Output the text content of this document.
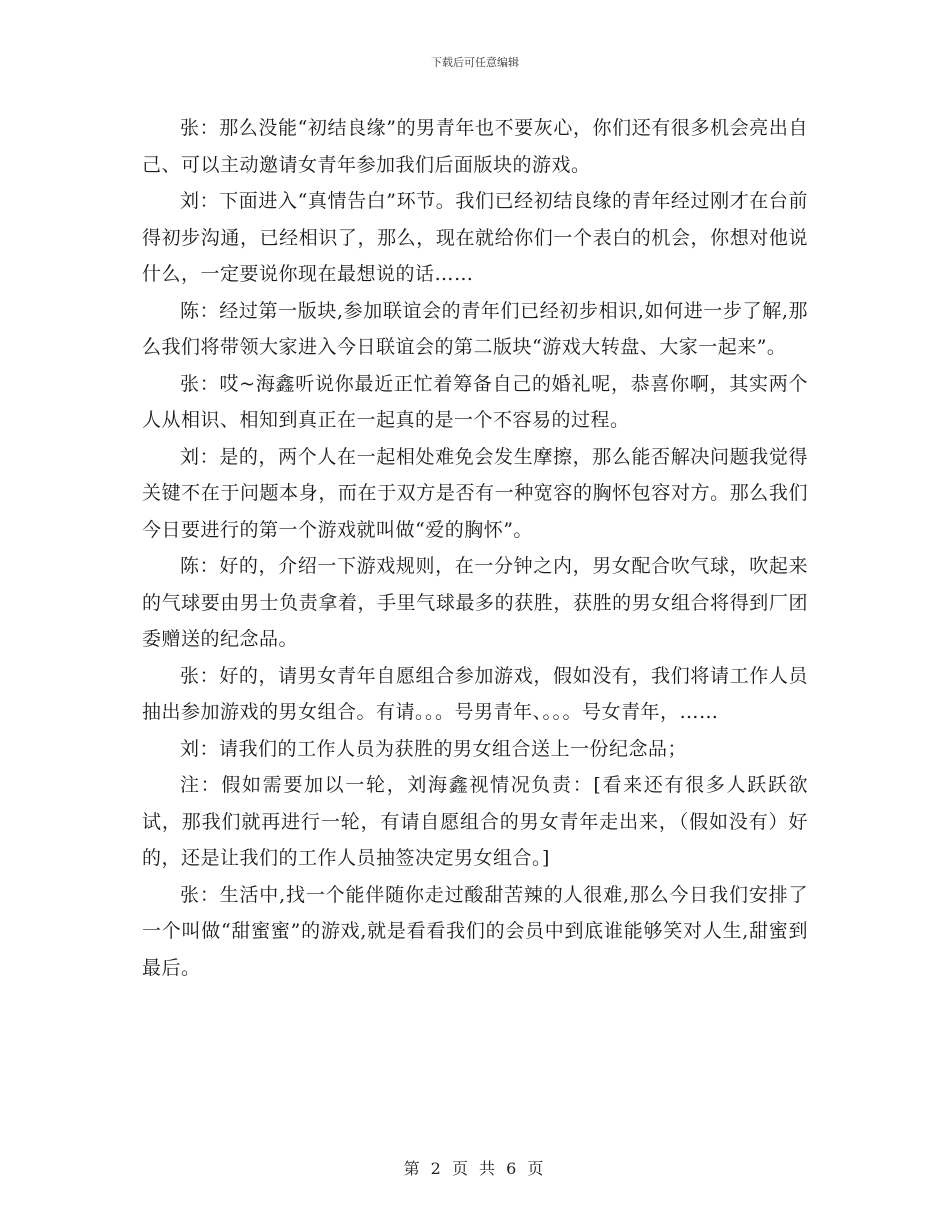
下载后可任意编辑

张：那么没能“初结良缘”的男青年也不要灰心，你们还有很多机会亮出自己、可以主动邀请女青年参加我们后面版块的游戏。

刘：下面进入“真情告白”环节。我们已经初结良缘的青年经过刚才在台前得初步沟通，已经相识了，那么，现在就给你们一个表白的机会，你想对他说什么，一定要说你现在最想说的话……

陈：经过第一版块,参加联谊会的青年们已经初步相识,如何进一步了解,那么我们将带领大家进入今日联谊会的第二版块“游戏大转盘、大家一起来”。

张：哎~海鑫听说你最近正忙着筹备自己的婚礼呢，恭喜你啊，其实两个人从相识、相知到真正在一起真的是一个不容易的过程。

刘：是的，两个人在一起相处难免会发生摩擦，那么能否解决问题我觉得关键不在于问题本身，而在于双方是否有一种宽容的胸怀包容对方。那么我们今日要进行的第一个游戏就叫做“爱的胸怀”。

陈：好的，介绍一下游戏规则，在一分钟之内，男女配合吹气球，吹起来的气球要由男士负责拿着，手里气球最多的获胜，获胜的男女组合将得到厂团委赠送的纪念品。

张：好的，请男女青年自愿组合参加游戏，假如没有，我们将请工作人员抽出参加游戏的男女组合。有请。。。号男青年、。。。号女青年，……

刘：请我们的工作人员为获胜的男女组合送上一份纪念品；

注：假如需要加以一轮，刘海鑫视情况负责：[看来还有很多人跃跃欲试，那我们就再进行一轮，有请自愿组合的男女青年走出来，（假如没有）好的，还是让我们的工作人员抽签决定男女组合。]

张：生活中,找一个能伴随你走过酸甜苦辣的人很难,那么今日我们安排了一个叫做“甜蜜蜜”的游戏,就是看看我们的会员中到底谁能够笑对人生,甜蜜到最后。

第 2 页 共 6 页
